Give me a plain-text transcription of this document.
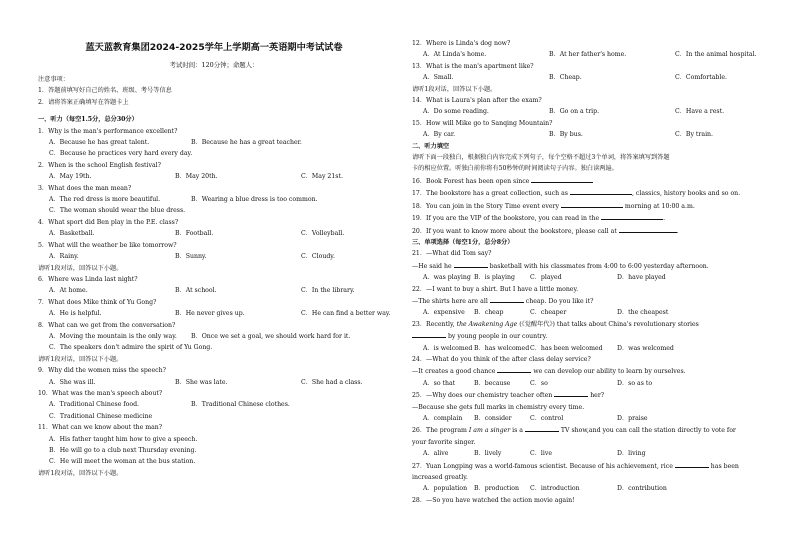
蓝天蓝教育集团2024-2025学年上学期高一英语期中考试试卷
考试时间：120分钟；命题人：
注意事项：
1．答题前填写好自己的姓名、班级、考号等信息
2．请将答案正确填写在答题卡上
一、听力（每空1.5分，总分30分）
1．Why is the man's performance excellent?
A．Because he has great talent.	B．Because he has a great teacher.
C．Because he practices very hard every day.
2．When is the school English festival?
A．May 19th.	B．May 20th.	C．May 21st.
3．What does the man mean?
A．The red dress is more beautiful.	B．Wearing a blue dress is too common.
C．The woman should wear the blue dress.
4．What sport did Ben play in the P.E. class?
A．Basketball.	B．Football.	C．Volleyball.
5．What will the weather be like tomorrow?
A．Rainy.	B．Sunny.	C．Cloudy.
请听1段对话，回答以下小题。
6．Where was Linda last night?
A．At home.	B．At school.	C．In the library.
7．What does Mike think of Yu Gong?
A．He is helpful.	B．He never gives up.	C．He can find a better way.
8．What can we get from the conversation?
A．Moving the mountain is the only way. B．Once we set a goal, we should work hard for it.
C．The speakers don't admire the spirit of Yu Gong.
请听1段对话，回答以下小题。
9．Why did the women miss the speech?
A．She was ill.	B．She was late.	C．She had a class.
10．What was the man's speech about?
A．Traditional Chinese food.	B．Traditional Chinese clothes.
C．Traditional Chinese medicine
11．What can we know about the man?
A．His father taught him how to give a speech.
B．He will go to a club next Thursday evening.
C．He will meet the woman at the bus station.
请听1段对话，回答以下小题。
12．Where is Linda's dog now?
A．At Linda's home.	B．At her father's home.	C．In the animal hospital.
13．What is the man's apartment like?
A．Small.	B．Cheap.	C．Comfortable.
请听1段对话，回答以下小题。
14．What is Laura's plan after the exam?
A．Do some reading.	B．Go on a trip.	C．Have a rest.
15．How will Mike go to Sanqing Mountain?
A．By car.	B．By bus.	C．By train.
二、听力填空
请听下面一段独白，根据独白内容完成下列句子，每个空格不超过3个单词，将答案填写到答题
卡的相应位置。听独白前你将有50秒钟的时间阅读句子内容。独白读两遍。
16．Book Forest has been open since
17．The bookstore has a great collection, such as	, classics, history books and so on.
18．You can join in the Story Time event every	morning at 10:00 a.m.
19．If you are the VIP of the bookstore, you can read in the	.
20．If you want to know more about the bookstore, please call at	.
三、单项选择（每空1分，总分8分）
21．—What did Tom say?
—He said he	basketball with his classmates from 4:00 to 6:00 yesterday afternoon.
A．was playing B．is playing C．played	D．have played
22．—I want to buy a shirt. But I have a little money.
—The shirts here are all	cheap. Do you like it?
A．expensive B．cheap	C．cheaper	D．the cheapest
23．Recently, the Awakening Age (《觉醒年代》) that talks about China's revolutionary stories
by young people in our country.
A．is welcomed B．has welcomedC．has been welcomed D．was welcomed
24．—What do you think of the after class delay service?
—It creates a good chance	we can develop our ability to learn by ourselves.
A．so that	B．because	C．so	D．so as to
25．—Why does our chemistry teacher often	her?
—Because she gets full marks in chemistry every time.
A．complain B．consider	C．control	D．praise
26．The program I am a singer is a	TV show,and you can call the station directly to vote for
your favorite singer.
A．alive	B．lively	C．live	D．living
27．Yuan Longping was a world-famous scientist. Because of his achievement, rice	has been
increased greatly.
A．population B．production C．introduction	D．contribution
28．—So you have watched the action movie again!
